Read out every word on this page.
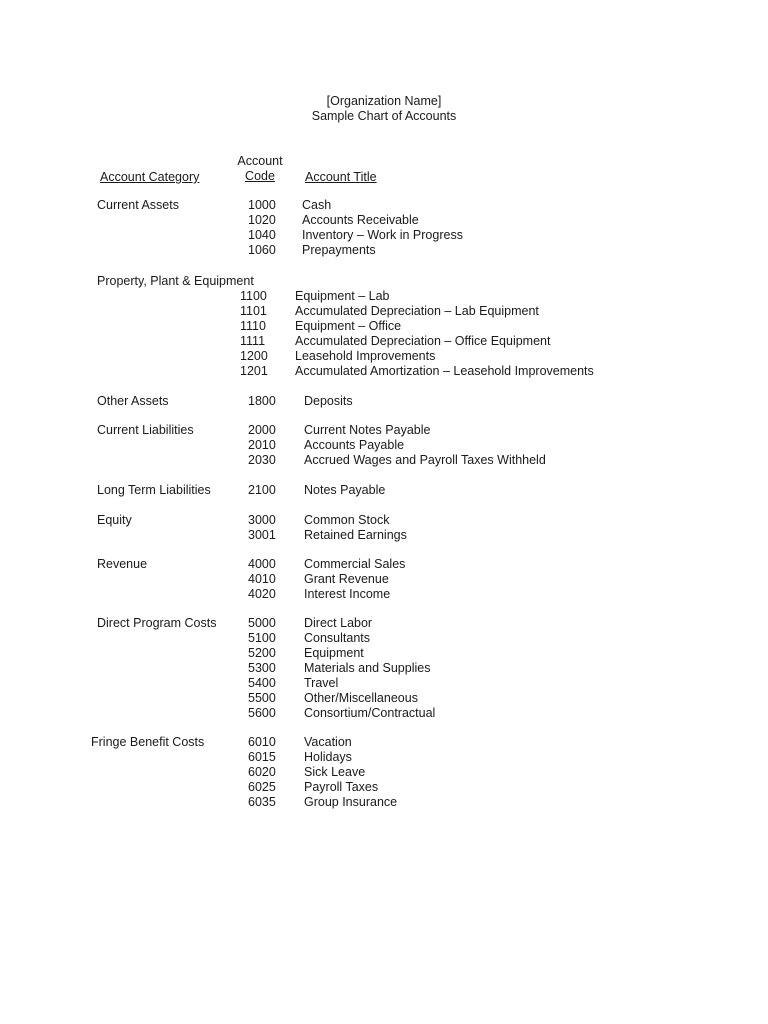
[Organization Name]
Sample Chart of Accounts
Account Category
Account
Code	Account Title
Current Assets	1000 Cash
1020 Accounts Receivable
1040 Inventory – Work in Progress
1060 Prepayments
Property, Plant & Equipment
1100 Equipment – Lab
1101 Accumulated Depreciation – Lab Equipment
1110 Equipment – Office
1111 Accumulated Depreciation – Office Equipment
1200 Leasehold Improvements
1201 Accumulated Amortization – Leasehold Improvements
Other Assets	1800 Deposits
Current Liabilities	2000 Current Notes Payable
2010 Accounts Payable
2030 Accrued Wages and Payroll Taxes Withheld
Long Term Liabilities	2100 Notes Payable
Equity	3000 Common Stock
3001 Retained Earnings
Revenue	4000 Commercial Sales
4010 Grant Revenue
4020 Interest Income
Direct Program Costs	5000 Direct Labor
5100 Consultants
5200 Equipment
5300 Materials and Supplies
5400 Travel
5500 Other/Miscellaneous
5600 Consortium/Contractual
Fringe Benefit Costs	6010 Vacation
6015 Holidays
6020 Sick Leave
6025 Payroll Taxes
6035 Group Insurance
